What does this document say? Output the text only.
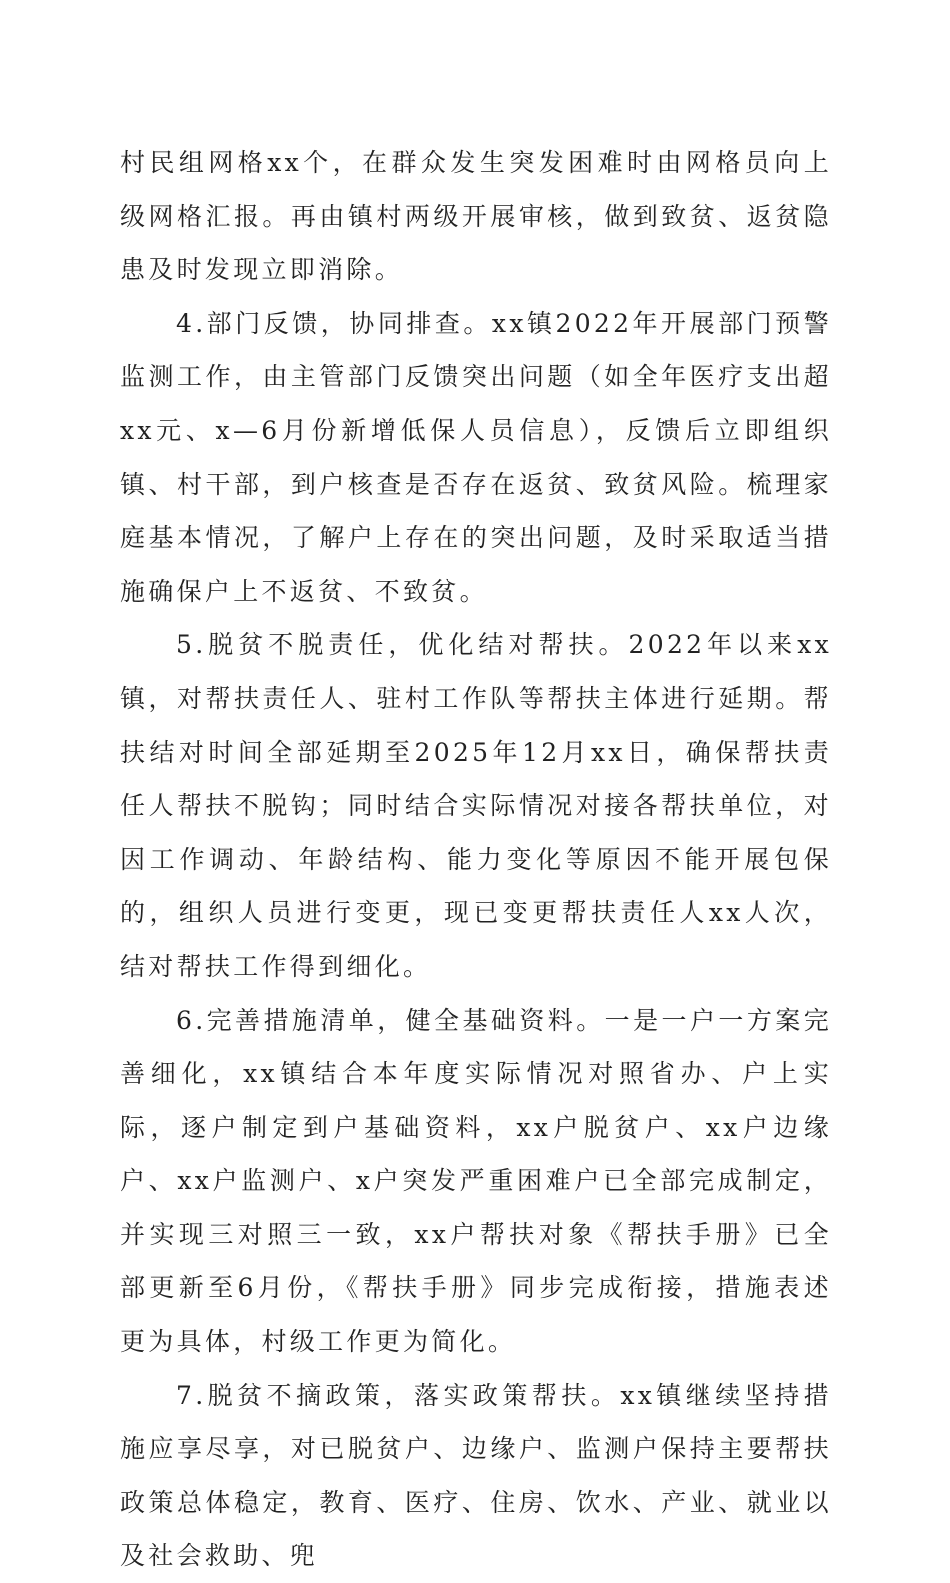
村民组网格xx个，在群众发生突发困难时由网格员向上级网格汇报。再由镇村两级开展审核，做到致贫、返贫隐患及时发现立即消除。

4.部门反馈，协同排查。xx镇2022年开展部门预警监测工作，由主管部门反馈突出问题（如全年医疗支出超xx元、x—6月份新增低保人员信息），反馈后立即组织镇、村干部，到户核查是否存在返贫、致贫风险。梳理家庭基本情况，了解户上存在的突出问题，及时采取适当措施确保户上不返贫、不致贫。

5.脱贫不脱责任，优化结对帮扶。2022年以来xx镇，对帮扶责任人、驻村工作队等帮扶主体进行延期。帮扶结对时间全部延期至2025年12月xx日，确保帮扶责任人帮扶不脱钩；同时结合实际情况对接各帮扶单位，对因工作调动、年龄结构、能力变化等原因不能开展包保的，组织人员进行变更，现已变更帮扶责任人xx人次，结对帮扶工作得到细化。

6.完善措施清单，健全基础资料。一是一户一方案完善细化，xx镇结合本年度实际情况对照省办、户上实际，逐户制定到户基础资料，xx户脱贫户、xx户边缘户、xx户监测户、x户突发严重困难户已全部完成制定，并实现三对照三一致，xx户帮扶对象《帮扶手册》已全部更新至6月份，《帮扶手册》同步完成衔接，措施表述更为具体，村级工作更为简化。

7.脱贫不摘政策，落实政策帮扶。xx镇继续坚持措施应享尽享，对已脱贫户、边缘户、监测户保持主要帮扶政策总体稳定，教育、医疗、住房、饮水、产业、就业以及社会救助、兜
